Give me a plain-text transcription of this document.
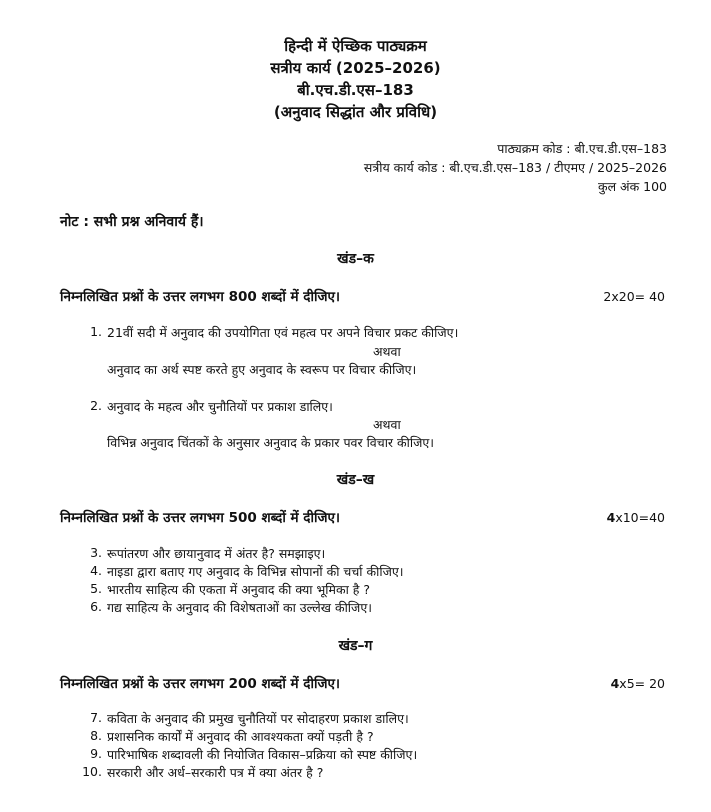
हिन्दी में ऐच्छिक पाठ्यक्रम
सत्रीय कार्य (2025–2026)
बी.एच.डी.एस–183
(अनुवाद सिद्धांत और प्रविधि)
पाठ्यक्रम कोड : बी.एच.डी.एस–183
सत्रीय कार्य कोड : बी.एच.डी.एस–183 / टीएमए / 2025–2026
कुल अंक 100
नोट : सभी प्रश्न अनिवार्य हैं।
खंड–क
निम्नलिखित प्रश्नों के उत्तर लगभग 800 शब्दों में दीजिए।	2x20= 40
1. 21वीं सदी में अनुवाद की उपयोगिता एवं महत्व पर अपने विचार प्रकट कीजिए।
अथवा
अनुवाद का अर्थ स्पष्ट करते हुए अनुवाद के स्वरूप पर विचार कीजिए।
2. अनुवाद के महत्व और चुनौतियों पर प्रकाश डालिए।
अथवा
विभिन्न अनुवाद चिंतकों के अनुसार अनुवाद के प्रकार पवर विचार कीजिए।
खंड–ख
निम्नलिखित प्रश्नों के उत्तर लगभग 500 शब्दों में दीजिए।	4x10=40
3. रूपांतरण और छायानुवाद में अंतर है? समझाइए।
4. नाइडा द्वारा बताए गए अनुवाद के विभिन्न सोपानों की चर्चा कीजिए।
5. भारतीय साहित्य की एकता में अनुवाद की क्या भूमिका है ?
6. गद्य साहित्य के अनुवाद की विशेषताओं का उल्लेख कीजिए।
खंड–ग
निम्नलिखित प्रश्नों के उत्तर लगभग 200 शब्दों में दीजिए।	4x5= 20
7. कविता के अनुवाद की प्रमुख चुनौतियों पर सोदाहरण प्रकाश डालिए।
8. प्रशासनिक कार्यों में अनुवाद की आवश्यकता क्यों पड़ती है ?
9. पारिभाषिक शब्दावली की नियोजित विकास–प्रक्रिया को स्पष्ट कीजिए।
10. सरकारी और अर्ध–सरकारी पत्र में क्या अंतर है ?
